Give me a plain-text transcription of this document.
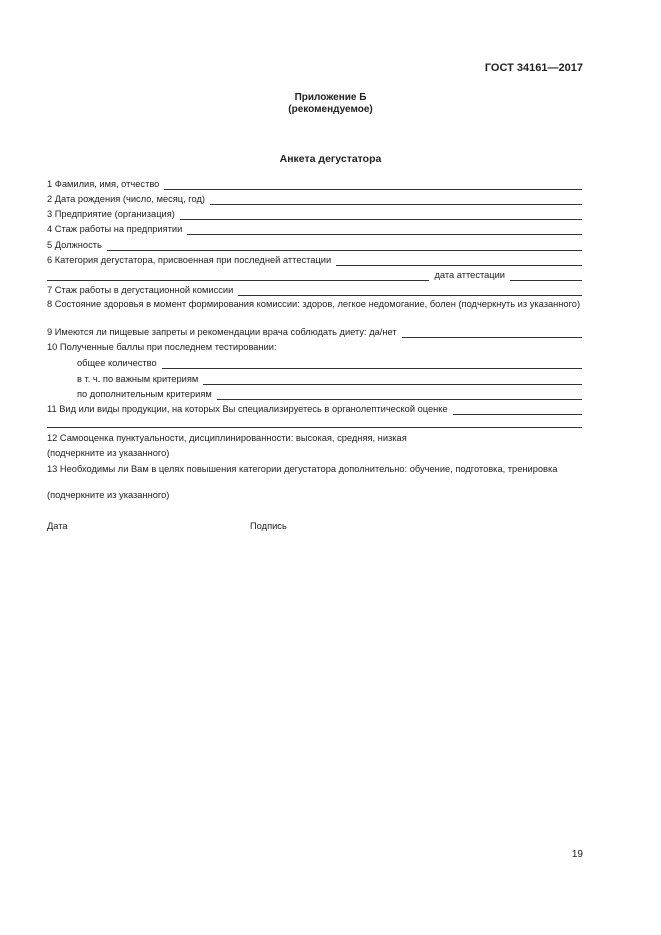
ГОСТ 34161—2017
Приложение Б
(рекомендуемое)
Анкета дегустатора
1 Фамилия, имя, отчество
2 Дата рождения (число, месяц, год)
3 Предприятие (организация)
4 Стаж работы на предприятии
5 Должность
6 Категория дегустатора, присвоенная при последней аттестации
дата аттестации
7 Стаж работы в дегустационной комиссии
8 Состояние здоровья в момент формирования комиссии: здоров, легкое недомогание, болен (подчеркнуть из указанного)
9 Имеются ли пищевые запреты и рекомендации врача соблюдать диету: да/нет
10 Полученные баллы при последнем тестировании:
общее количество
в т. ч. по важным критериям
по дополнительным критериям
11 Вид или виды продукции, на которых Вы специализируетесь в органолептической оценке
12 Самооценка пунктуальности, дисциплинированности: высокая, средняя, низкая
(подчеркните из указанного)
13 Необходимы ли Вам в целях повышения категории дегустатора дополнительно: обучение, подготовка, тренировка
(подчеркните из указанного)
Дата	Подпись
19
